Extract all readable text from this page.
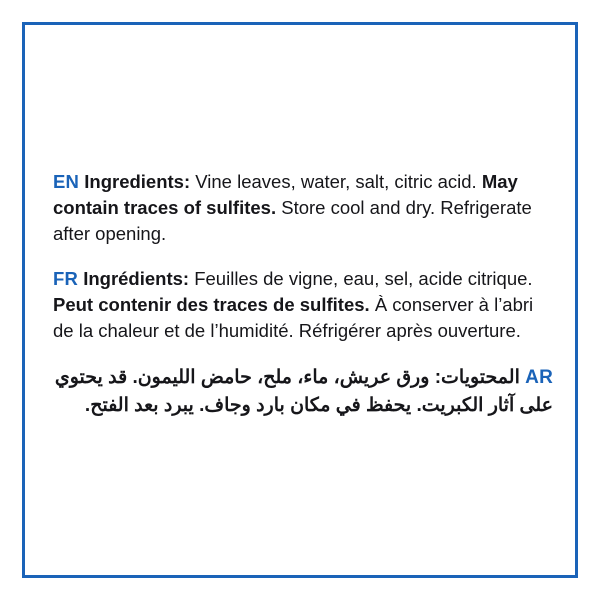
EN Ingredients: Vine leaves, water, salt, citric acid. May contain traces of sulfites. Store cool and dry. Refrigerate after opening.

FR Ingrédients: Feuilles de vigne, eau, sel, acide citrique. Peut contenir des traces de sulfites. À conserver à l’abri de la chaleur et de l’humidité. Réfrigérer après ouverture.

AR المحتويات: ورق عريش، ماء، ملح، حامض الليمون. قد يحتوي على آثار الكبريت. يحفظ في مكان بارد وجاف. يبرد بعد الفتح.
